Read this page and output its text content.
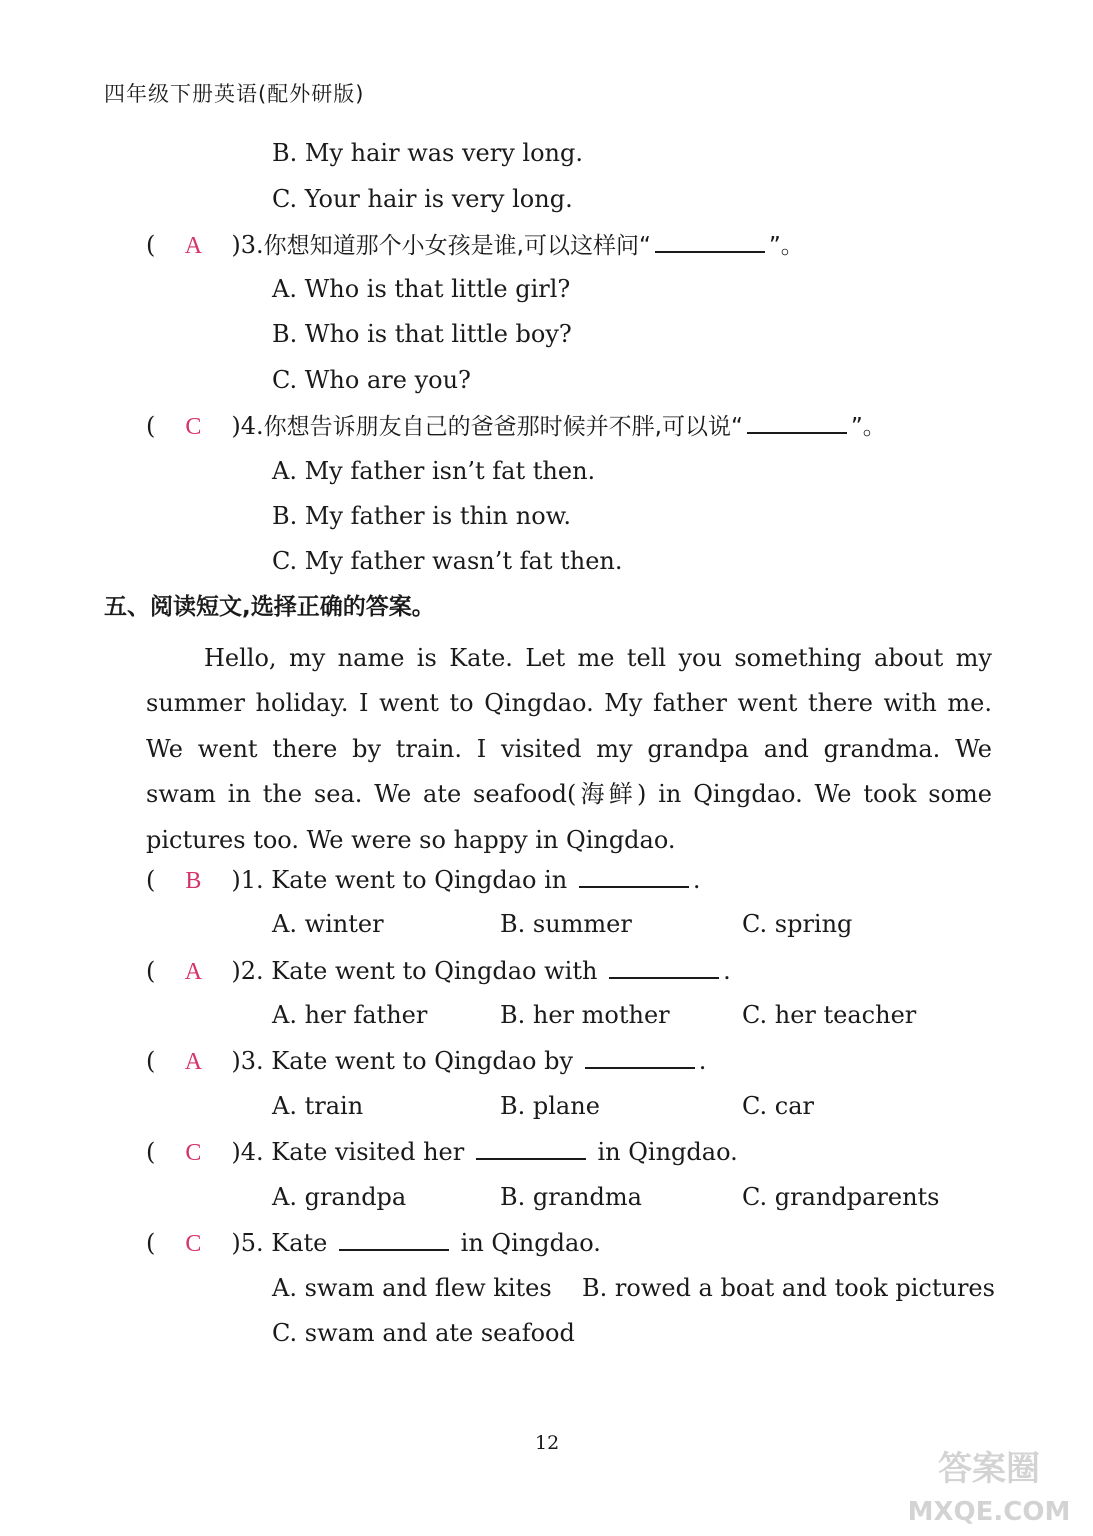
四年级下册英语(配外研版)
B. My hair was very long.
C. Your hair is very long.
( A )3.你想知道那个小女孩是谁,可以这样问“	”。
A. Who is that little girl?
B. Who is that little boy?
C. Who are you?
( C )4.你想告诉朋友自己的爸爸那时候并不胖,可以说“	”。
A. My father isn’t fat then.
B. My father is thin now.
C. My father wasn’t fat then.
五、阅读短文,选择正确的答案。

Hello, my name is Kate. Let me tell you something about my

summer holiday. I went to Qingdao. My father went there with me.

We went there by train. I visited my grandpa and grandma. We

swam in the sea. We ate seafood(海鲜) in Qingdao. We took some

pictures too. We were so happy in Qingdao.

( B )1. Kate went to Qingdao in	.
A. winter	B. summer	C. spring
( A )2. Kate went to Qingdao with	.
A. her father	B. her mother	C. her teacher
( A )3. Kate went to Qingdao by	.
A. train	B. plane	C. car
( C )4. Kate visited her	in Qingdao.
A. grandpa	B. grandma	C. grandparents
( C )5. Kate	in Qingdao.
A. swam and flew kites B. rowed a boat and took pictures
C. swam and ate seafood
12
答案圈
MXQE.COM
